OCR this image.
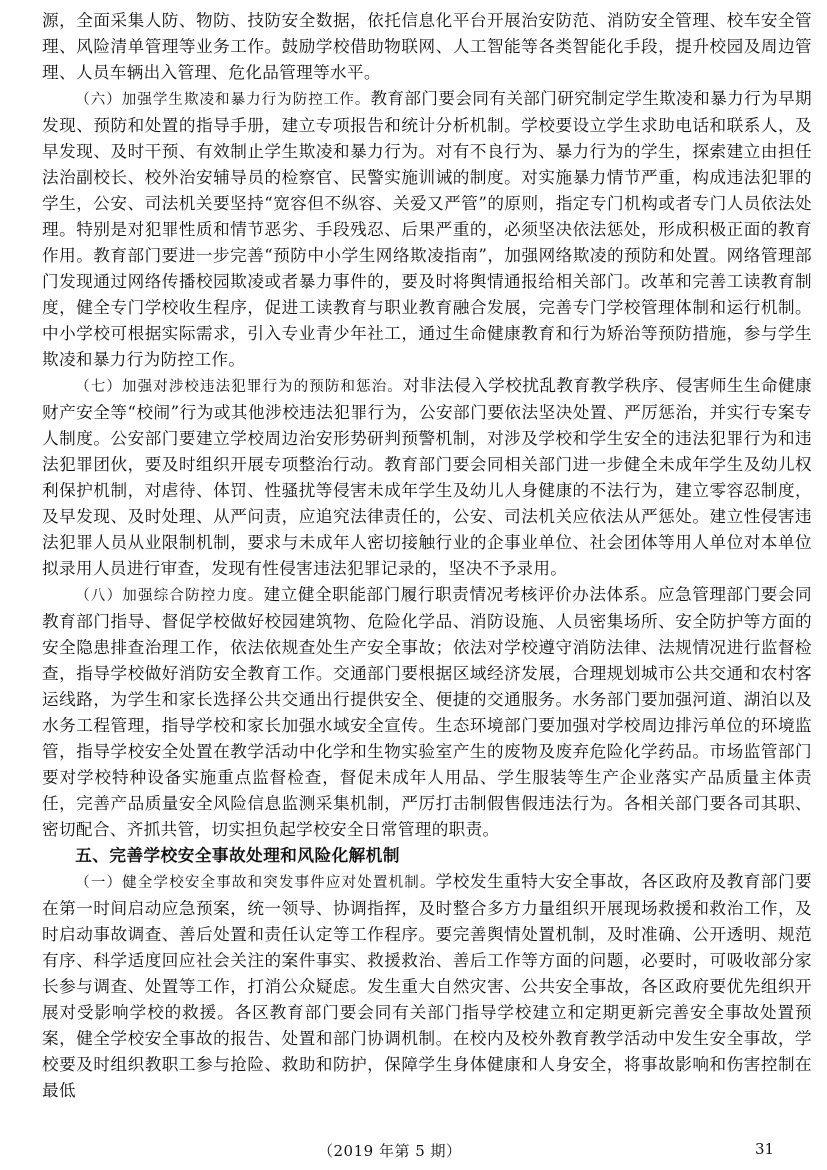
源，全面采集人防、物防、技防安全数据，依托信息化平台开展治安防范、消防安全管理、校车安全管理、风险清单管理等业务工作。鼓励学校借助物联网、人工智能等各类智能化手段，提升校园及周边管理、人员车辆出入管理、危化品管理等水平。

（六）加强学生欺凌和暴力行为防控工作。教育部门要会同有关部门研究制定学生欺凌和暴力行为早期发现、预防和处置的指导手册，建立专项报告和统计分析机制。学校要设立学生求助电话和联系人，及早发现、及时干预、有效制止学生欺凌和暴力行为。对有不良行为、暴力行为的学生，探索建立由担任法治副校长、校外治安辅导员的检察官、民警实施训诫的制度。对实施暴力情节严重，构成违法犯罪的学生，公安、司法机关要坚持“宽容但不纵容、关爱又严管”的原则，指定专门机构或者专门人员依法处理。特别是对犯罪性质和情节恶劣、手段残忍、后果严重的，必须坚决依法惩处，形成积极正面的教育作用。教育部门要进一步完善“预防中小学生网络欺凌指南”，加强网络欺凌的预防和处置。网络管理部门发现通过网络传播校园欺凌或者暴力事件的，要及时将舆情通报给相关部门。改革和完善工读教育制度，健全专门学校收生程序，促进工读教育与职业教育融合发展，完善专门学校管理体制和运行机制。中小学校可根据实际需求，引入专业青少年社工，通过生命健康教育和行为矫治等预防措施，参与学生欺凌和暴力行为防控工作。

（七）加强对涉校违法犯罪行为的预防和惩治。对非法侵入学校扰乱教育教学秩序、侵害师生生命健康财产安全等“校闹”行为或其他涉校违法犯罪行为，公安部门要依法坚决处置、严厉惩治，并实行专案专人制度。公安部门要建立学校周边治安形势研判预警机制，对涉及学校和学生安全的违法犯罪行为和违法犯罪团伙，要及时组织开展专项整治行动。教育部门要会同相关部门进一步健全未成年学生及幼儿权利保护机制，对虐待、体罚、性骚扰等侵害未成年学生及幼儿人身健康的不法行为，建立零容忍制度，及早发现、及时处理、从严问责，应追究法律责任的，公安、司法机关应依法从严惩处。建立性侵害违法犯罪人员从业限制机制，要求与未成年人密切接触行业的企事业单位、社会团体等用人单位对本单位拟录用人员进行审查，发现有性侵害违法犯罪记录的，坚决不予录用。

（八）加强综合防控力度。建立健全职能部门履行职责情况考核评价办法体系。应急管理部门要会同教育部门指导、督促学校做好校园建筑物、危险化学品、消防设施、人员密集场所、安全防护等方面的安全隐患排查治理工作，依法依规查处生产安全事故；依法对学校遵守消防法律、法规情况进行监督检查，指导学校做好消防安全教育工作。交通部门要根据区域经济发展，合理规划城市公共交通和农村客运线路，为学生和家长选择公共交通出行提供安全、便捷的交通服务。水务部门要加强河道、湖泊以及水务工程管理，指导学校和家长加强水域安全宣传。生态环境部门要加强对学校周边排污单位的环境监管，指导学校安全处置在教学活动中化学和生物实验室产生的废物及废弃危险化学药品。市场监管部门要对学校特种设备实施重点监督检查，督促未成年人用品、学生服装等生产企业落实产品质量主体责任，完善产品质量安全风险信息监测采集机制，严厉打击制假售假违法行为。各相关部门要各司其职、密切配合、齐抓共管，切实担负起学校安全日常管理的职责。

五、完善学校安全事故处理和风险化解机制

（一）健全学校安全事故和突发事件应对处置机制。学校发生重特大安全事故，各区政府及教育部门要在第一时间启动应急预案，统一领导、协调指挥，及时整合多方力量组织开展现场救援和救治工作，及时启动事故调查、善后处置和责任认定等工作程序。要完善舆情处置机制，及时准确、公开透明、规范有序、科学适度回应社会关注的案件事实、救援救治、善后工作等方面的问题，必要时，可吸收部分家长参与调查、处置等工作，打消公众疑虑。发生重大自然灾害、公共安全事故，各区政府要优先组织开展对受影响学校的救援。各区教育部门要会同有关部门指导学校建立和定期更新完善安全事故处置预案，健全学校安全事故的报告、处置和部门协调机制。在校内及校外教育教学活动中发生安全事故，学校要及时组织教职工参与抢险、救助和防护，保障学生身体健康和人身安全，将事故影响和伤害控制在最低

（2019 年第 5 期）	31
